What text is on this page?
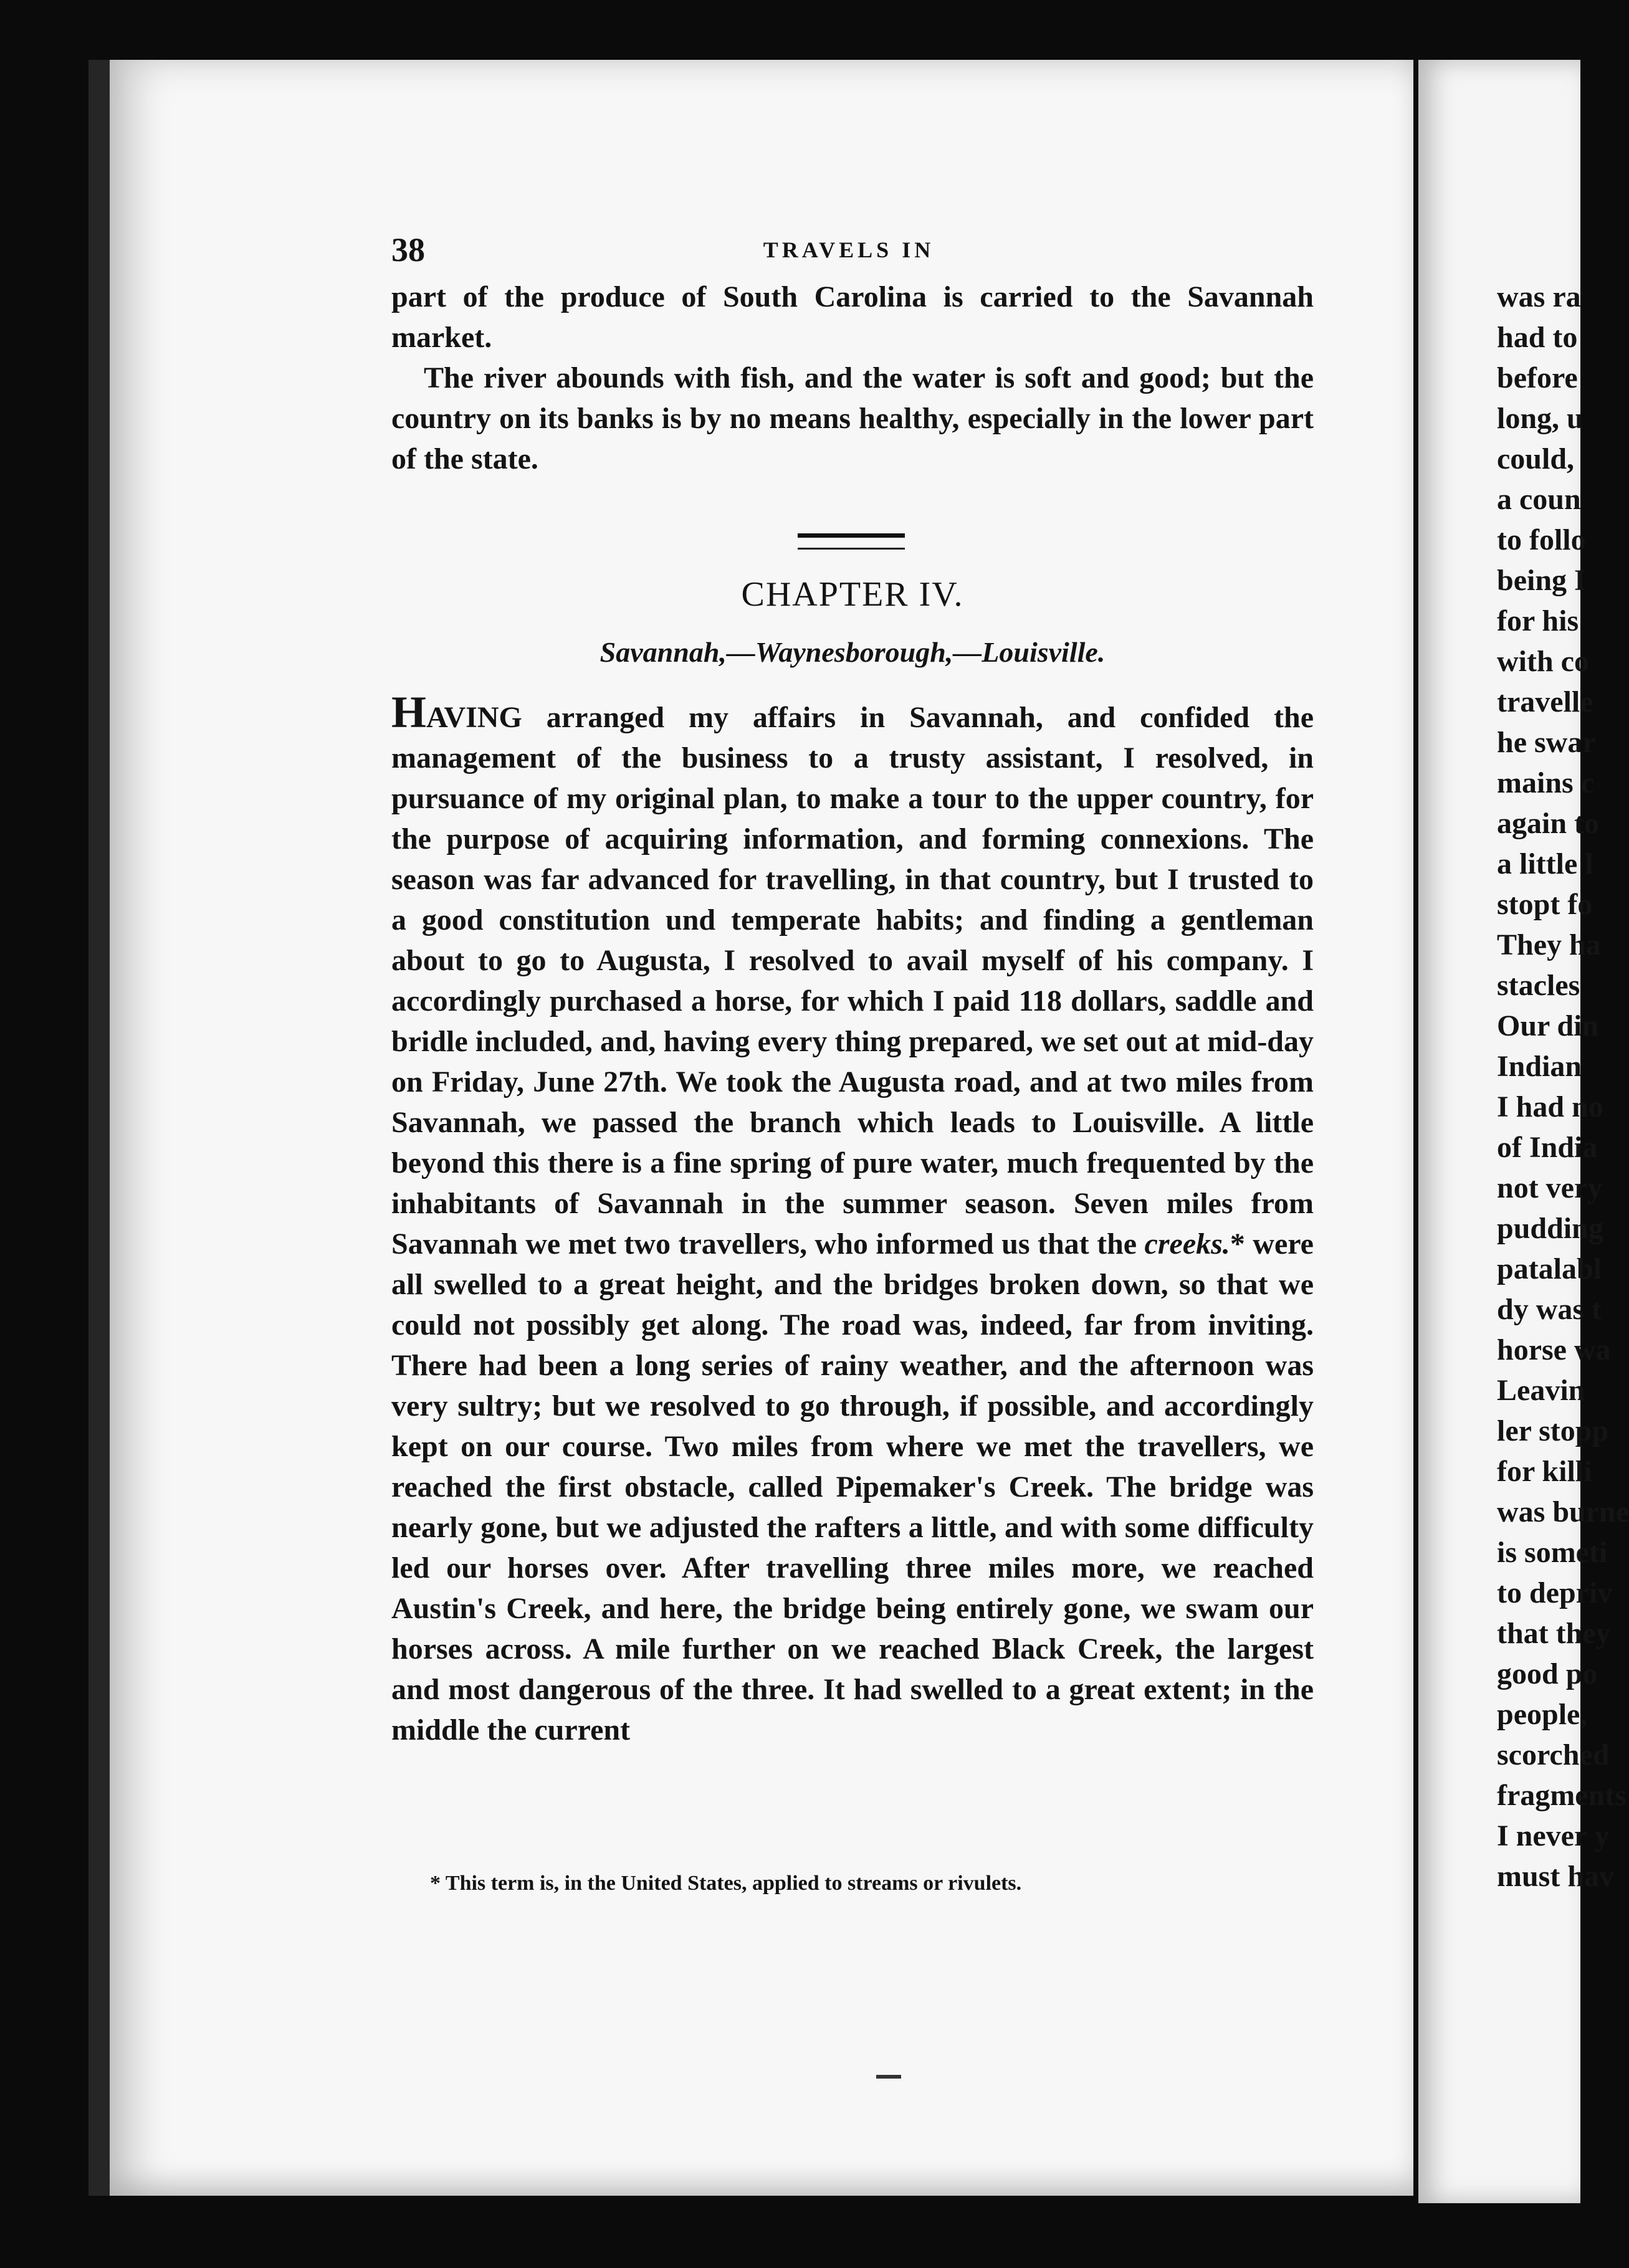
38	TRAVELS IN

part of the produce of South Carolina is carried to the Savannah market.

The river abounds with fish, and the water is soft and good; but the country on its banks is by no means healthy, especially in the lower part of the state.

CHAPTER IV.
Savannah,—Waynesborough,—Louisville.

HAVING arranged my affairs in Savannah, and confided the management of the business to a trusty assistant, I resolved, in pursuance of my original plan, to make a tour to the upper country, for the purpose of acquiring information, and forming connexions. The season was far advanced for travelling, in that country, but I trusted to a good constitution und temperate habits; and finding a gentleman about to go to Augusta, I resolved to avail myself of his company. I accordingly purchased a horse, for which I paid 118 dollars, saddle and bridle included, and, having every thing prepared, we set out at mid-day on Friday, June 27th. We took the Augusta road, and at two miles from Savannah, we passed the branch which leads to Louisville. A little beyond this there is a fine spring of pure water, much frequented by the inhabitants of Savannah in the summer season. Seven miles from Savannah we met two travellers, who informed us that the creeks.* were all swelled to a great height, and the bridges broken down, so that we could not possibly get along. The road was, indeed, far from inviting. There had been a long series of rainy weather, and the afternoon was very sultry; but we resolved to go through, if possible, and accordingly kept on our course. Two miles from where we met the travellers, we reached the first obstacle, called Pipemaker's Creek. The bridge was nearly gone, but we adjusted the rafters a little, and with some difficulty led our horses over. After travelling three miles more, we reached Austin's Creek, and here, the bridge being entirely gone, we swam our horses across. A mile further on we reached Black Creek, the largest and most dangerous of the three. It had swelled to a great extent; in the middle the current

* This term is, in the United States, applied to streams or rivulets.
was ra
had to
before
long, u
could,
a coun
to follo
being I
for his
with co
travelle
he swar
mains c
again to
a little l
stopt fo
They ha
stacles
Our din
Indian
I had no
of India
not very
pudding
patalabl
dy was t
horse wa
Leavin
ler stopp
for killi
was burne
is someti
to depriv
that they
good po
people,
scorched
fragments
I never y
must hav
